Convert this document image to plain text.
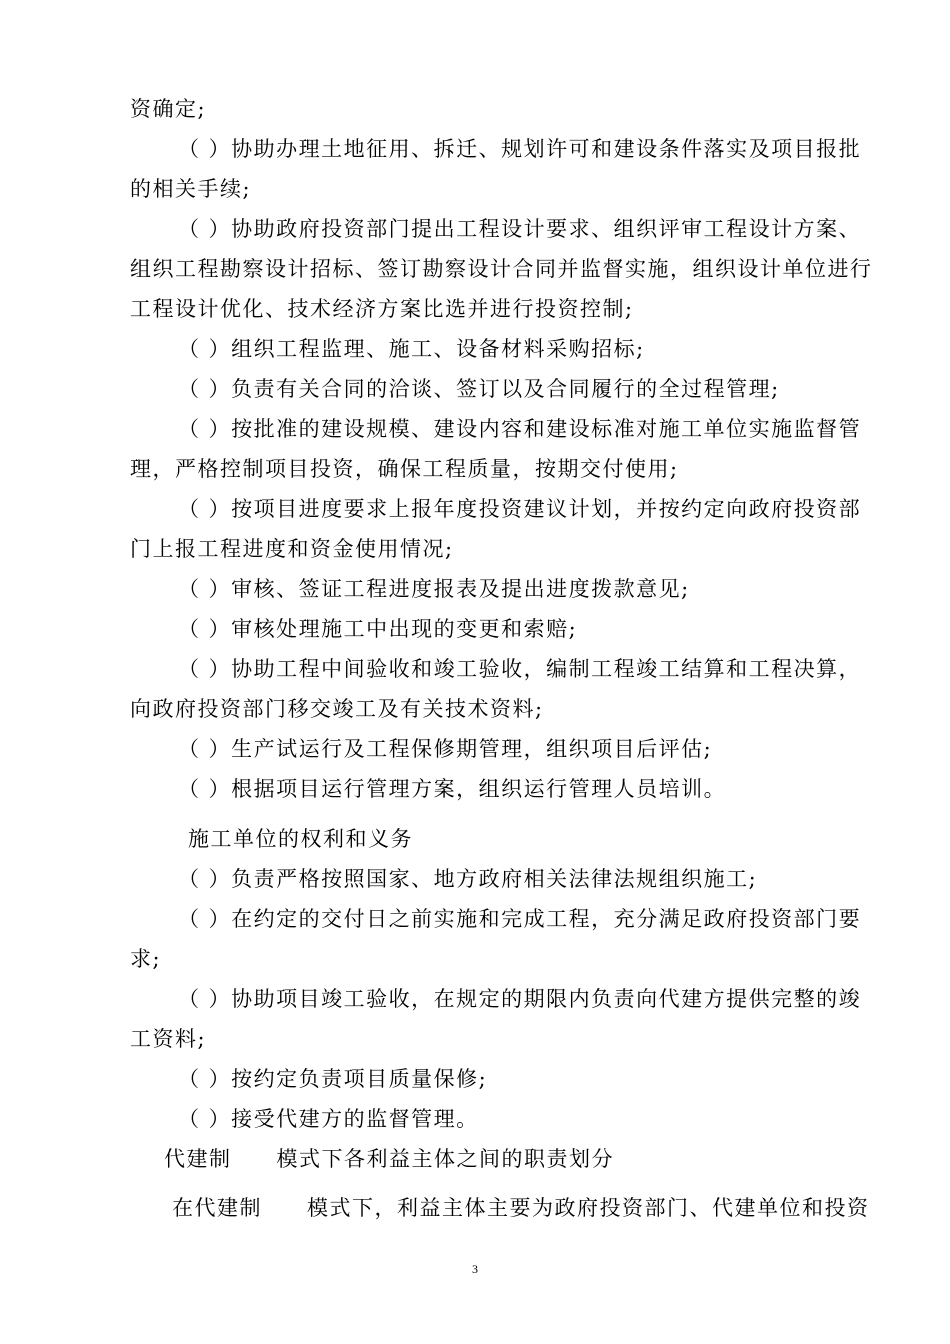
资确定;
（ ）协助办理土地征用、拆迁、规划许可和建设条件落实及项目报批
的相关手续;
（ ）协助政府投资部门提出工程设计要求、组织评审工程设计方案、
组织工程勘察设计招标、签订勘察设计合同并监督实施，组织设计单位进行
工程设计优化、技术经济方案比选并进行投资控制;
（ ）组织工程监理、施工、设备材料采购招标;
（ ）负责有关合同的洽谈、签订以及合同履行的全过程管理;
（ ）按批准的建设规模、建设内容和建设标准对施工单位实施监督管
理，严格控制项目投资，确保工程质量，按期交付使用;
（ ）按项目进度要求上报年度投资建议计划，并按约定向政府投资部
门上报工程进度和资金使用情况;
（ ）审核、签证工程进度报表及提出进度拨款意见;
（ ）审核处理施工中出现的变更和索赔;
（ ）协助工程中间验收和竣工验收，编制工程竣工结算和工程决算，
向政府投资部门移交竣工及有关技术资料;
（ ）生产试运行及工程保修期管理，组织项目后评估;
（ ）根据项目运行管理方案，组织运行管理人员培训。
施工单位的权利和义务
（ ）负责严格按照国家、地方政府相关法律法规组织施工;
（ ）在约定的交付日之前实施和完成工程，充分满足政府投资部门要
求;
（ ）协助项目竣工验收，在规定的期限内负责向代建方提供完整的竣
工资料;
（ ）按约定负责项目质量保修;
（ ）接受代建方的监督管理。
代建制　　模式下各利益主体之间的职责划分
在代建制　　模式下，利益主体主要为政府投资部门、代建单位和投资
3
